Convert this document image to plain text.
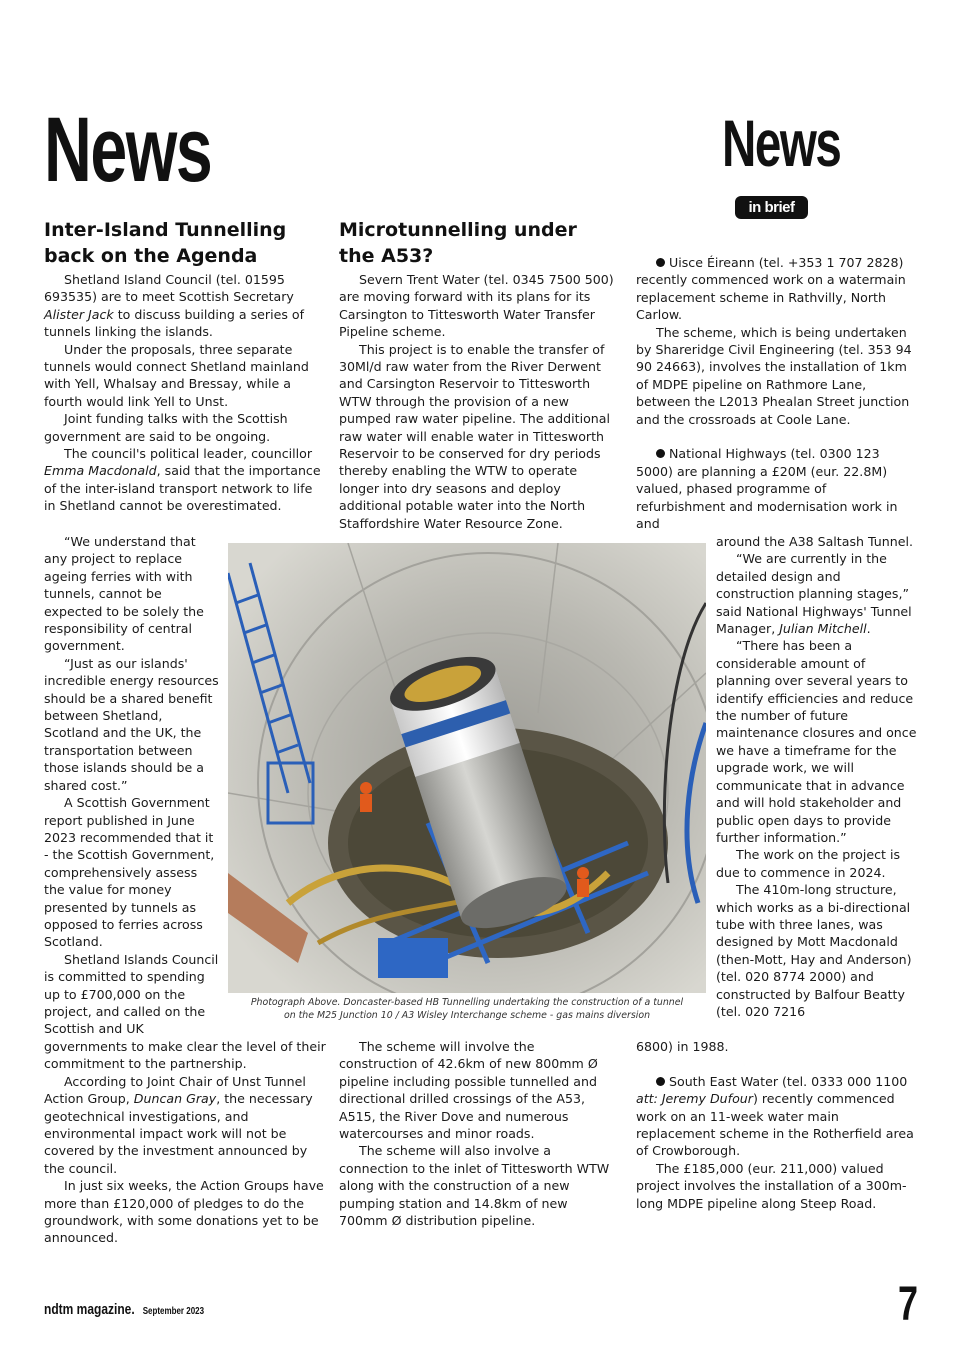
News	News
in brief
Inter-Island Tunnelling
back on the Agenda

Shetland Island Council (tel. 01595 693535) are to meet Scottish Secretary Alister Jack to discuss building a series of tunnels linking the islands.

Under the proposals, three separate tunnels would connect Shetland mainland with Yell, Whalsay and Bressay, while a fourth would link Yell to Unst.

Joint funding talks with the Scottish government are said to be ongoing.

The council's political leader, councillor Emma Macdonald, said that the importance of the inter-island transport network to life in Shetland cannot be overestimated.

“We understand that any project to replace ageing ferries with with tunnels, cannot be expected to be solely the responsibility of central government.

“Just as our islands' incredible energy resources should be a shared benefit between Shetland, Scotland and the UK, the transportation between those islands should be a shared cost.”

A Scottish Government report published in June 2023 recommended that it - the Scottish Government, comprehensively assess the value for money presented by tunnels as opposed to ferries across Scotland.

Shetland Islands Council is committed to spending up to £700,000 on the project, and called on the Scottish and UK

governments to make clear the level of their commitment to the partnership.

According to Joint Chair of Unst Tunnel Action Group, Duncan Gray, the necessary geotechnical investigations, and environmental impact work will not be covered by the investment announced by the council.

In just six weeks, the Action Groups have more than £120,000 of pledges to do the groundwork, with some donations yet to be announced.

Microtunnelling under
the A53?

Severn Trent Water (tel. 0345 7500 500) are moving forward with its plans for its Carsington to Tittesworth Water Transfer Pipeline scheme.

This project is to enable the transfer of 30Ml/d raw water from the River Derwent and Carsington Reservoir to Tittesworth WTW through the provision of a new pumped raw water pipeline. The additional raw water will enable water in Tittesworth Reservoir to be conserved for dry periods thereby enabling the WTW to operate longer into dry seasons and deploy additional potable water into the North Staffordshire Water Resource Zone.

The scheme will involve the construction of 42.6km of new 800mm Ø pipeline including possible tunnelled and directional drilled crossings of the A53, A515, the River Dove and numerous watercourses and minor roads.

The scheme will also involve a connection to the inlet of Tittesworth WTW along with the construction of a new pumping station and 14.8km of new 700mm Ø distribution pipeline.

Photograph Above. Doncaster-based HB Tunnelling undertaking the construction of a tunnel
on the M25 Junction 10 / A3 Wisley Interchange scheme - gas mains diversion

Uisce Éireann (tel. +353 1 707 2828) recently commenced work on a watermain replacement scheme in Rathvilly, North Carlow.

The scheme, which is being undertaken by Shareridge Civil Engineering (tel. 353 94 90 24663), involves the installation of 1km of MDPE pipeline on Rathmore Lane, between the L2013 Phealan Street junction and the crossroads at Coole Lane.

National Highways (tel. 0300 123 5000) are planning a £20M (eur. 22.8M) valued, phased programme of refurbishment and modernisation work in and

around the A38 Saltash Tunnel.

“We are currently in the detailed design and construction planning stages,” said National Highways' Tunnel Manager, Julian Mitchell.

“There has been a considerable amount of planning over several years to identify efficiencies and reduce the number of future maintenance closures and once we have a timeframe for the upgrade work, we will communicate that in advance and will hold stakeholder and public open days to provide further information.”

The work on the project is due to commence in 2024.

The 410m-long structure, which works as a bi-directional tube with three lanes, was designed by Mott Macdonald (then-Mott, Hay and Anderson) (tel. 020 8774 2000) and constructed by Balfour Beatty (tel. 020 7216

6800) in 1988.

South East Water (tel. 0333 000 1100 att: Jeremy Dufour) recently commenced work on an 11-week water main replacement scheme in the Rotherfield area of Crowborough.

The £185,000 (eur. 211,000) valued project involves the installation of a 300m-long MDPE pipeline along Steep Road.

ndtm magazine. September 2023	7
